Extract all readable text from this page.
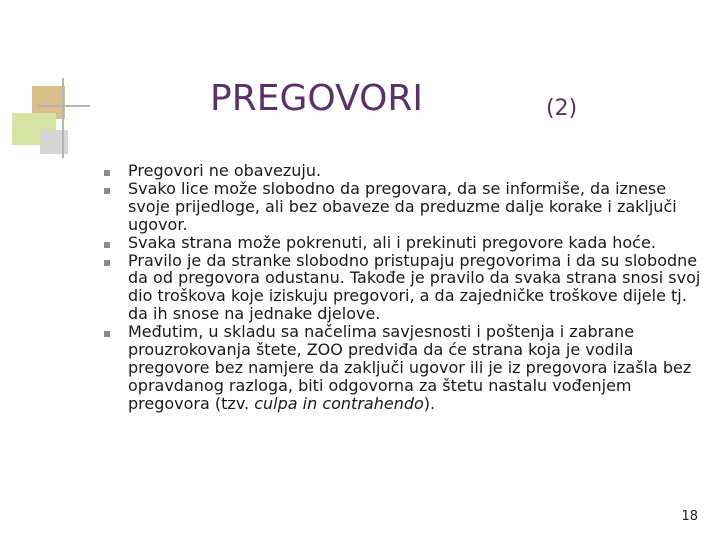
PREGOVORI	(2)
Pregovori ne obavezuju.
Svako lice može slobodno da pregovara, da se informiše, da iznese svoje prijedloge, ali bez obaveze da preduzme dalje korake i zaključi ugovor.
Svaka strana može pokrenuti, ali i prekinuti pregovore kada hoće.
Pravilo je da stranke slobodno pristupaju pregovorima i da su slobodne da od pregovora odustanu. Takođe je pravilo da svaka strana snosi svoj dio troškova koje iziskuju pregovori, a da zajedničke troškove dijele tj. da ih snose na jednake djelove.
Međutim, u skladu sa načelima savjesnosti i poštenja i zabrane prouzrokovanja štete, ZOO predviđa da će strana koja je vodila pregovore bez namjere da zaključi ugovor ili je iz pregovora izašla bez opravdanog razloga, biti odgovorna za štetu nastalu vođenjem pregovora (tzv. culpa in contrahendo).
18
